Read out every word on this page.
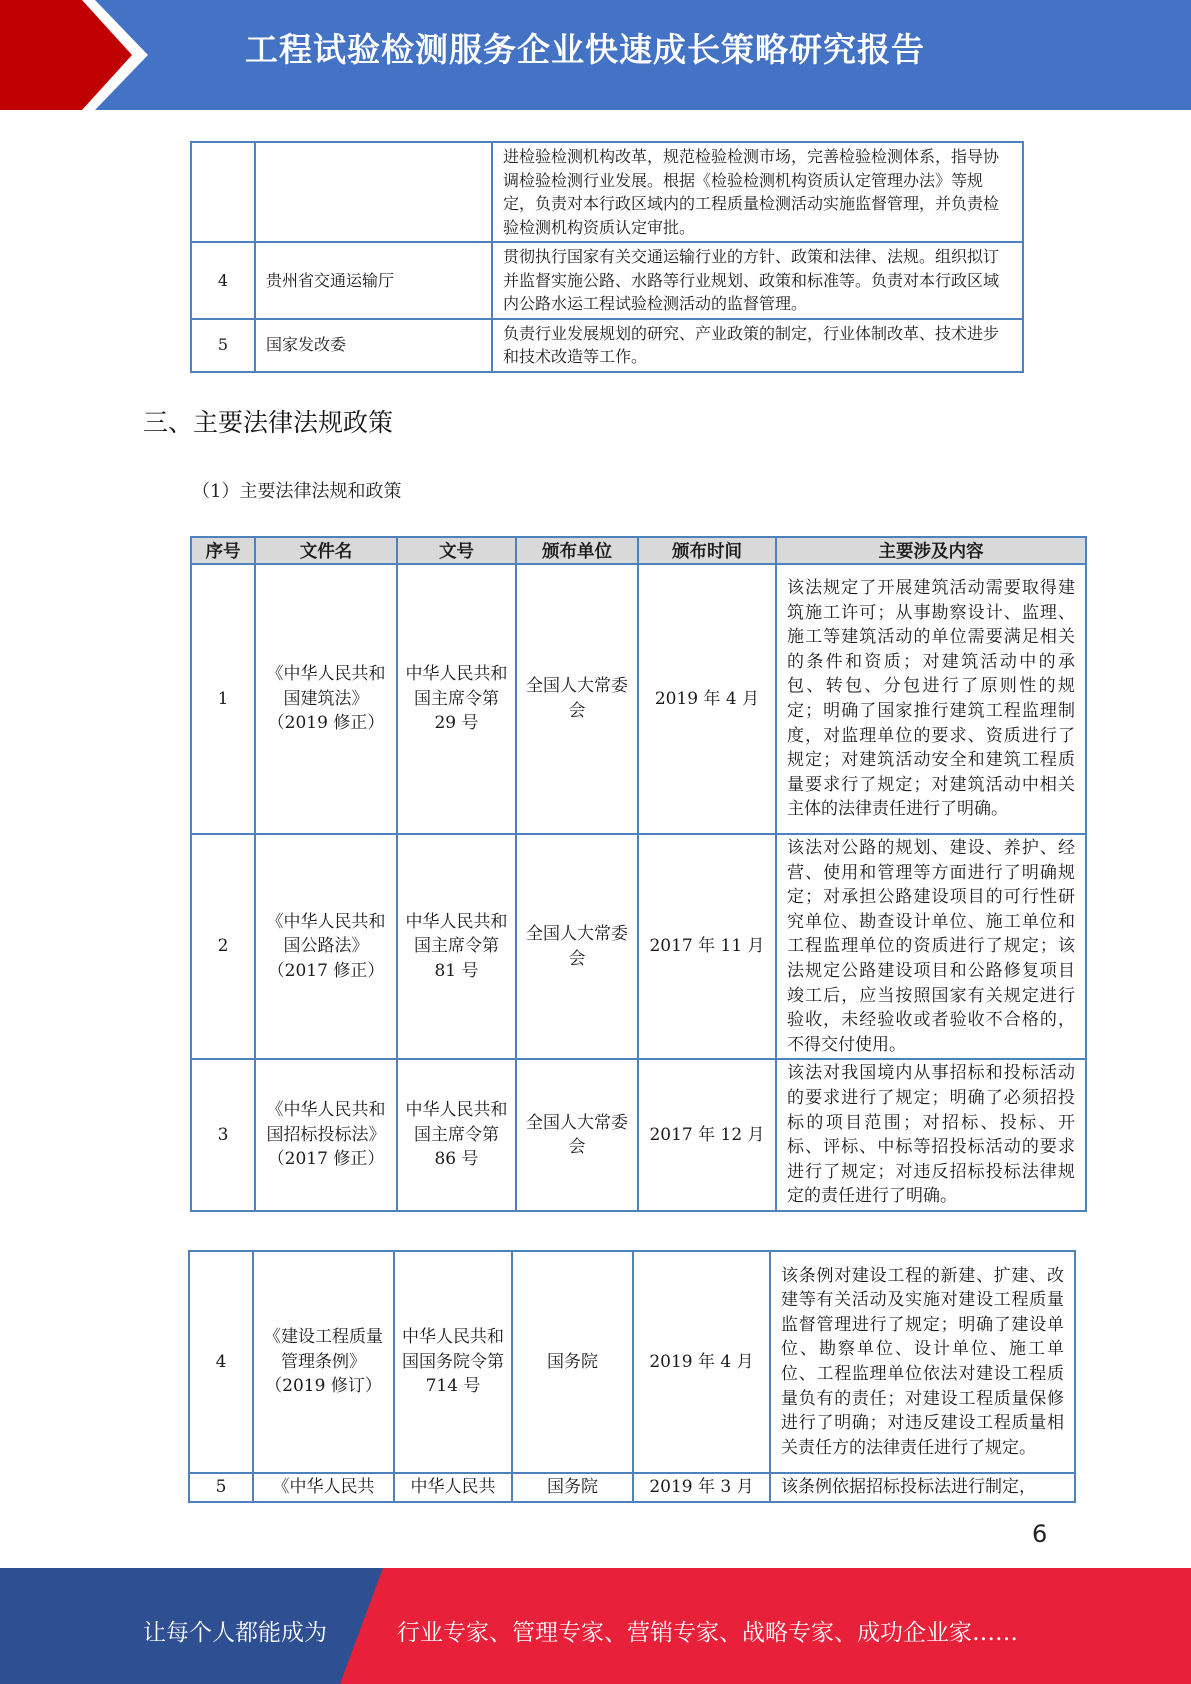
工程试验检测服务企业快速成长策略研究报告
		进检验检测机构改革，规范检验检测市场，完善检验检测体系，指导协调检验检测行业发展。根据《检验检测机构资质认定管理办法》等规定，负责对本行政区域内的工程质量检测活动实施监督管理，并负责检验检测机构资质认定审批。
4	贵州省交通运输厅	贯彻执行国家有关交通运输行业的方针、政策和法律、法规。组织拟订并监督实施公路、水路等行业规划、政策和标准等。负责对本行政区域内公路水运工程试验检测活动的监督管理。
5	国家发改委	负责行业发展规划的研究、产业政策的制定，行业体制改革、技术进步和技术改造等工作。
三、主要法律法规政策
（1）主要法律法规和政策
序号	文件名	文号	颁布单位	颁布时间	主要涉及内容
1	《中华人民共和国建筑法》（2019 修正）	中华人民共和国主席令第 29 号	全国人大常委会	2019 年 4 月	该法规定了开展建筑活动需要取得建筑施工许可；从事勘察设计、监理、施工等建筑活动的单位需要满足相关的条件和资质；对建筑活动中的承包、转包、分包进行了原则性的规定；明确了国家推行建筑工程监理制度，对监理单位的要求、资质进行了规定；对建筑活动安全和建筑工程质量要求行了规定；对建筑活动中相关主体的法律责任进行了明确。
2	《中华人民共和国公路法》（2017 修正）	中华人民共和国主席令第 81 号	全国人大常委会	2017 年 11 月	该法对公路的规划、建设、养护、经营、使用和管理等方面进行了明确规定；对承担公路建设项目的可行性研究单位、勘查设计单位、施工单位和工程监理单位的资质进行了规定；该法规定公路建设项目和公路修复项目竣工后，应当按照国家有关规定进行验收，未经验收或者验收不合格的，不得交付使用。
3	《中华人民共和国招标投标法》（2017 修正）	中华人民共和国主席令第 86 号	全国人大常委会	2017 年 12 月	该法对我国境内从事招标和投标活动的要求进行了规定；明确了必须招投标的项目范围；对招标、投标、开标、评标、中标等招投标活动的要求进行了规定；对违反招标投标法律规定的责任进行了明确。
4	《建设工程质量管理条例》（2019 修订）	中华人民共和国国务院令第 714 号	国务院	2019 年 4 月	该条例对建设工程的新建、扩建、改建等有关活动及实施对建设工程质量监督管理进行了规定；明确了建设单位、勘察单位、设计单位、施工单位、工程监理单位依法对建设工程质量负有的责任；对建设工程质量保修进行了明确；对违反建设工程质量相关责任方的法律责任进行了规定。
5	《中华人民共	中华人民共	国务院	2019 年 3 月	该条例依据招标投标法进行制定，
6
让每个人都能成为	行业专家、管理专家、营销专家、战略专家、成功企业家……
